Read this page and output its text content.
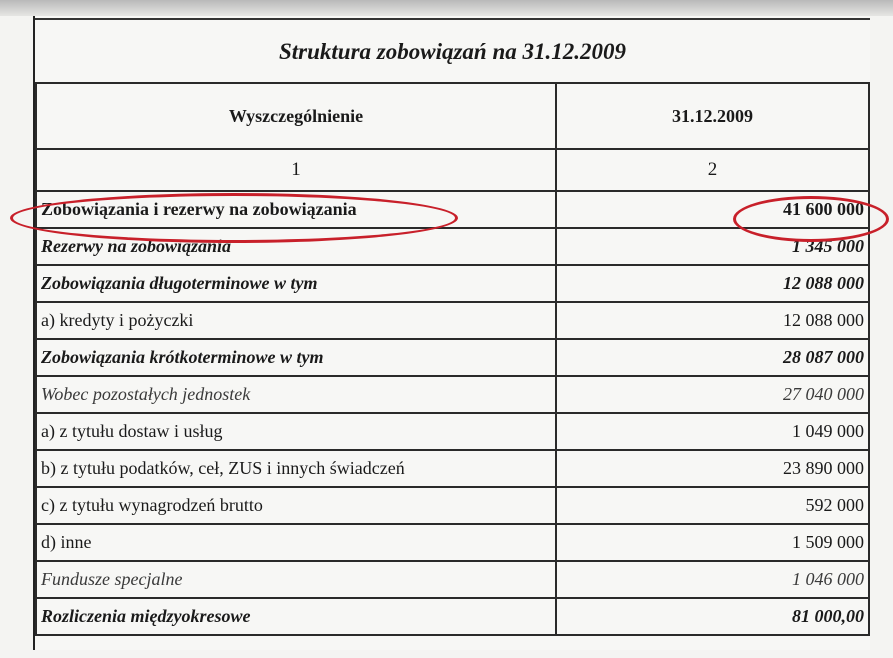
Struktura zobowiązań na 31.12.2009
Wyszczególnienie	31.12.2009
1	2
Zobowiązania i rezerwy na zobowiązania	41 600 000
Rezerwy na zobowiązania	1 345 000
Zobowiązania długoterminowe w tym	12 088 000
a) kredyty i pożyczki	12 088 000
Zobowiązania krótkoterminowe w tym	28 087 000
Wobec pozostałych jednostek	27 040 000
a) z tytułu dostaw i usług	1 049 000
b) z tytułu podatków, ceł, ZUS i innych świadczeń	23 890 000
c) z tytułu wynagrodzeń brutto	592 000
d) inne	1 509 000
Fundusze specjalne	1 046 000
Rozliczenia międzyokresowe	81 000,00
